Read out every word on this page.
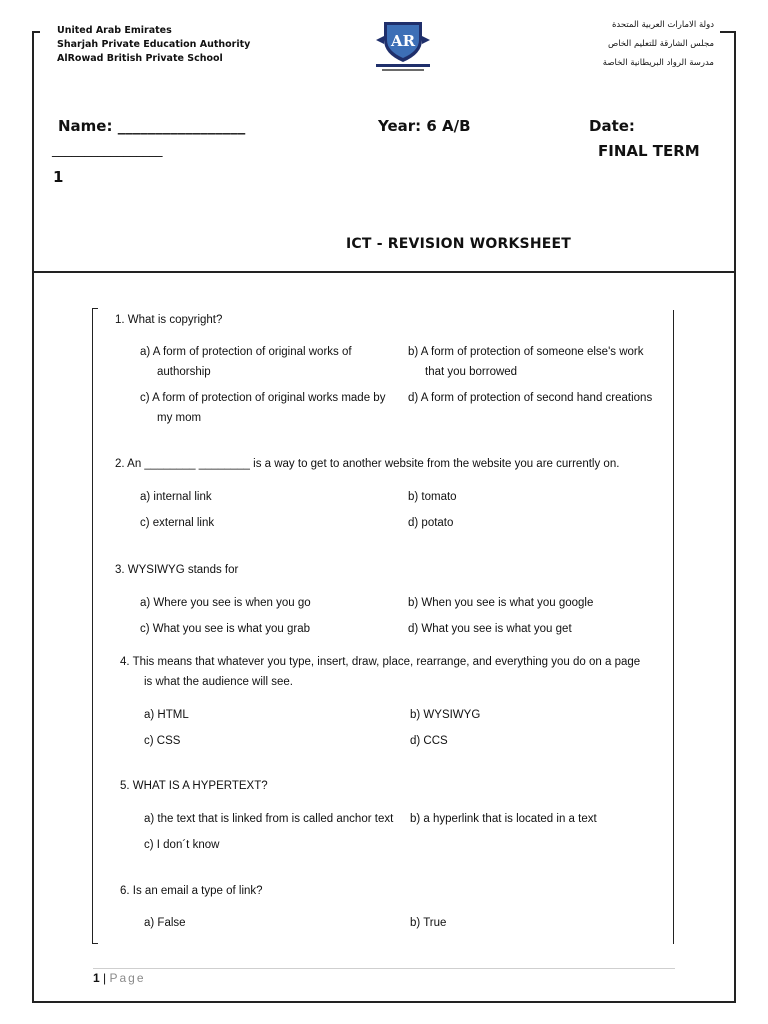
United Arab Emirates
Sharjah Private Education Authority
AlRowad British Private School
AR
دولة الامارات العربية المتحدة
مجلس الشارقة للتعليم الخاص
مدرسة الرواد البريطانية الخاصة
Name: _________________	Year: 6 A/B	Date:
FINAL TERM
_________________
1
ICT - REVISION WORKSHEET
1. What is copyright?
a) A form of protection of original works of
authorship
b) A form of protection of someone else's work
that you borrowed
c) A form of protection of original works made by
my mom
d) A form of protection of second hand creations
2. An ________ ________ is a way to get to another website from the website you are currently on.
a) internal link	b) tomato
c) external link	d) potato
3. WYSIWYG stands for
a) Where you see is when you go	b) When you see is what you google
c) What you see is what you grab	d) What you see is what you get
4. This means that whatever you type, insert, draw, place, rearrange, and everything you do on a page
is what the audience will see.
a) HTML	b) WYSIWYG
c) CSS	d) CCS
5. WHAT IS A HYPERTEXT?
a) the text that is linked from is called anchor text b) a hyperlink that is located in a text
c) I don´t know
6. Is an email a type of link?
a) False	b) True
1 | Page
